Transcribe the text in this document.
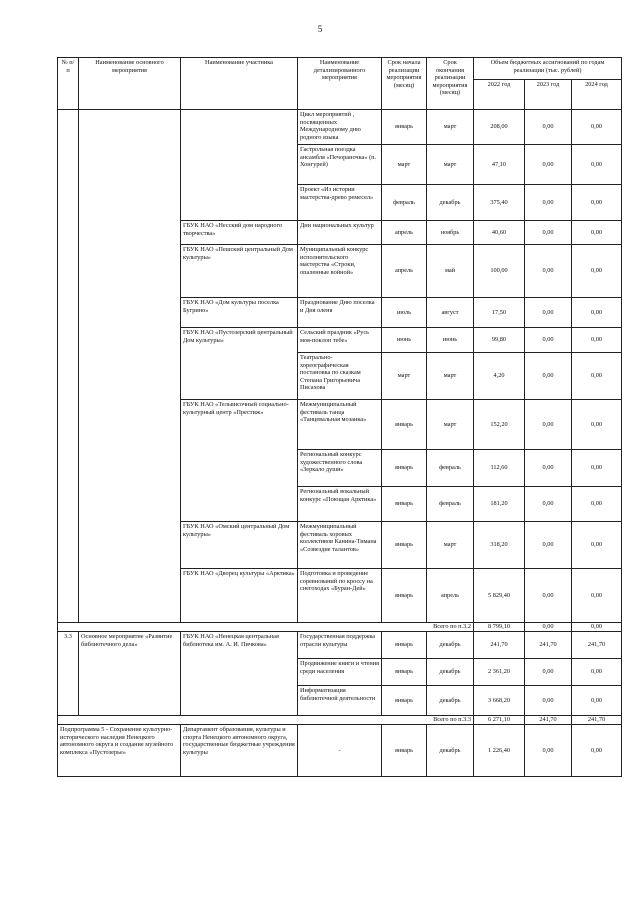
5
№ п/п	Наименование основного мероприятия	Наименование участника	Наименование детализированного мероприятия	Срок начала реализации мероприятия (месяц)	Срок окончания реализации мероприятия (месяц)	Объем бюджетных ассигнований по годам реализации (тыс. рублей)		
						2022 год	2023 год	2024 год
			Цикл мероприятий , посвященных Международному дню родного языка	январь	март	208,00	0,00	0,00
			Гастрольная поездка ансамбля «Печораночка» (п. Хонгурей)	март	март	47,10	0,00	0,00
			Проект «Из истории мастерства-древо ремесел»	февраль	декабрь	375,40	0,00	0,00
		ГБУК НАО «Несский дом народного творчества»	Дни национальных культур	апрель	ноябрь	40,60	0,00	0,00
		ГБУК НАО «Пешский центральный Дом культуры»	Муниципальный конкурс исполнительского мастерства «Строки, опаленные войной»	апрель	май	100,00	0,00	0,00
		ГБУК НАО «Дом культуры поселка Бугрино»	Празднование Дню поселка и Дня оленя	июль	август	17,50	0,00	0,00
		ГБУК НАО «Пустозерский центральный Дом культуры»	Сельский праздник «Русь моя-поклон тебе»	июнь	июнь	99,80	0,00	0,00
			Театрально-хореографическая постановка по сказкам Степана Григорьевича Писахова	март	март	4,20	0,00	0,00
		ГБУК НАО «Тельвисочный социально-культурный центр «Престиж»	Межмуниципальный фестиваль танца «Танцевальная мозаика»	январь	март	152,20	0,00	0,00
			Региональный конкурс художественного слова «Зеркало души»	январь	февраль	112,60	0,00	0,00
			Региональный вокальный конкурс «Поющая Арктика»	январь	февраль	181,20	0,00	0,00
		ГБУК НАО «Омский центральный Дом культуры»	Межмуниципальный фестиваль хоровых коллективов Канина-Тимана «Созвездие талантов»	январь	март	318,20	0,00	0,00
		ГБУК НАО «Дворец культуры «Арктика»	Подготовка и проведение соревнований по кроссу на снегоходах «Буран-Дей»	январь	апрель	5 829,40	0,00	0,00
Всего по п.3.2						8 799,10	0,00	0,00
3.3	Основное мероприятие «Развитие библиотечного дела»	ГБУК НАО «Ненецкая центральная библиотека им. А. И. Пичкова»	Государственная поддержка отрасли культуры	январь	декабрь	241,70	241,70	241,70
			Продвижение книги и чтения среди населения	январь	декабрь	2 361,20	0,00	0,00
			Информатизация библиотечной деятельности	январь	декабрь	3 668,20	0,00	0,00
Всего по п.3.3						6 271,10	241,70	241,70
Подпрограмма 5 - Сохранение культурно-исторического наследия Ненецкого автономного округа и создание музейного комплекса «Пустозерье»		Департамент образования, культуры и спорта Ненецкого автономного округа, государственные бюджетные учреждения культуры	-	январь	декабрь	1 226,40	0,00	0,00
